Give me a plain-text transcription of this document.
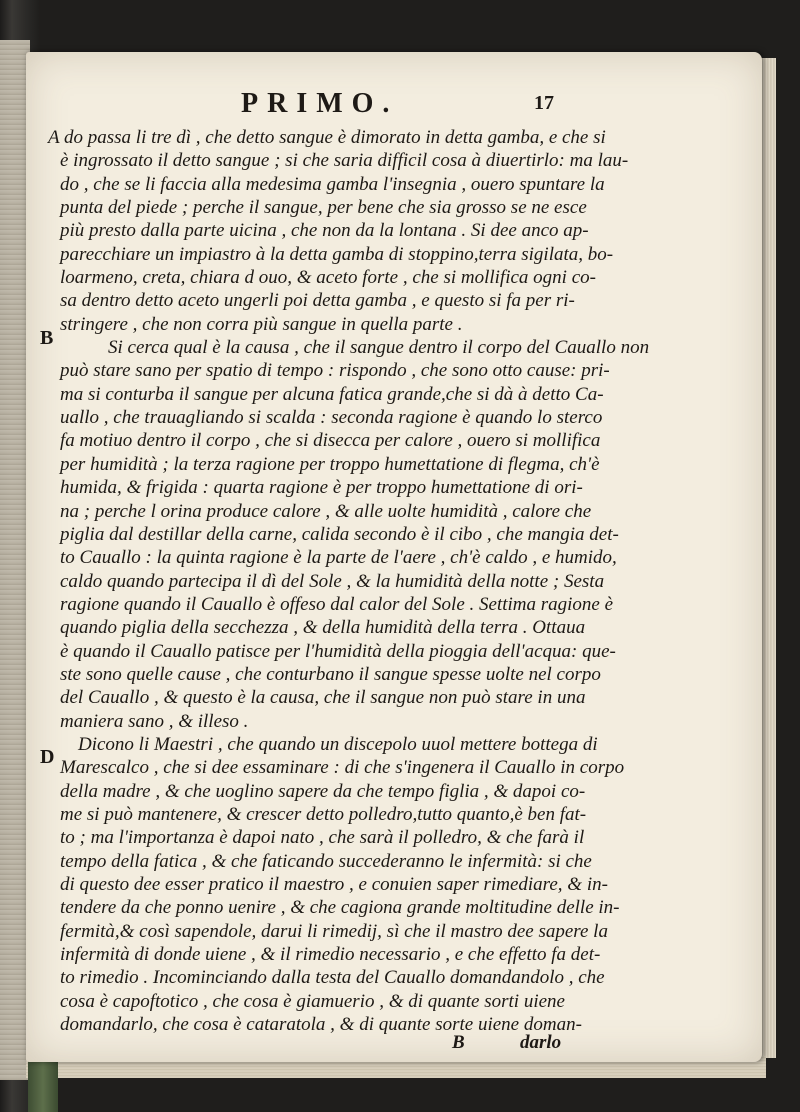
PRIMO.	17
A do passa li tre dì , che detto sangue è dimorato in detta gamba, e che si
è ingrossato il detto sangue ; si che saria difficil cosa à diuertirlo: ma lau-
do , che se li faccia alla medesima gamba l'insegnia , ouero spuntare la
punta del piede ; perche il sangue, per bene che sia grosso se ne esce
più presto dalla parte uicina , che non da la lontana . Si dee anco ap-
parecchiare un impiastro à la detta gamba di stoppino,terra sigilata, bo-
loarmeno, creta, chiara d ouo, & aceto forte , che si mollifica ogni co-
sa dentro detto aceto ungerli poi detta gamba , e questo si fa per ri-
stringere , che non corra più sangue in quella parte .
Si cerca qual è la causa , che il sangue dentro il corpo del Cauallo non
può stare sano per spatio di tempo : rispondo , che sono otto cause: pri-
ma si conturba il sangue per alcuna fatica grande,che si dà à detto Ca-
uallo , che trauagliando si scalda : seconda ragione è quando lo sterco
fa motiuo dentro il corpo , che si disecca per calore , ouero si mollifica
per humidità ; la terza ragione per troppo humettatione di flegma, ch'è
humida, & frigida : quarta ragione è per troppo humettatione di ori-
na ; perche l orina produce calore , & alle uolte humidità , calore che
piglia dal destillar della carne, calida secondo è il cibo , che mangia det-
to Cauallo : la quinta ragione è la parte de l'aere , ch'è caldo , e humido,
caldo quando partecipa il dì del Sole , & la humidità della notte ; Sesta
ragione quando il Cauallo è offeso dal calor del Sole . Settima ragione è
quando piglia della secchezza , & della humidità della terra . Ottaua
è quando il Cauallo patisce per l'humidità della pioggia dell'acqua: que-
ste sono quelle cause , che conturbano il sangue spesse uolte nel corpo
del Cauallo , & questo è la causa, che il sangue non può stare in una
maniera sano , & illeso .
Dicono li Maestri , che quando un discepolo uuol mettere bottega di
Marescalco , che si dee essaminare : di che s'ingenera il Cauallo in corpo
della madre , & che uoglino sapere da che tempo figlia , & dapoi co-
me si può mantenere, & crescer detto polledro,tutto quanto,è ben fat-
to ; ma l'importanza è dapoi nato , che sarà il polledro, & che farà il
tempo della fatica , & che faticando succederanno le infermità: si che
di questo dee esser pratico il maestro , e conuien saper rimediare, & in-
tendere da che ponno uenire , & che cagiona grande moltitudine delle in-
fermità,& così sapendole, darui li rimedij, sì che il mastro dee sapere la
infermità di donde uiene , & il rimedio necessario , e che effetto fa det-
to rimedio . Incominciando dalla testa del Cauallo domandandolo , che
cosa è capoftotico , che cosa è giamuerio , & di quante sorti uiene
domandarlo, che cosa è cataratola , & di quante sorte uiene doman-
B
D
B	darlo
